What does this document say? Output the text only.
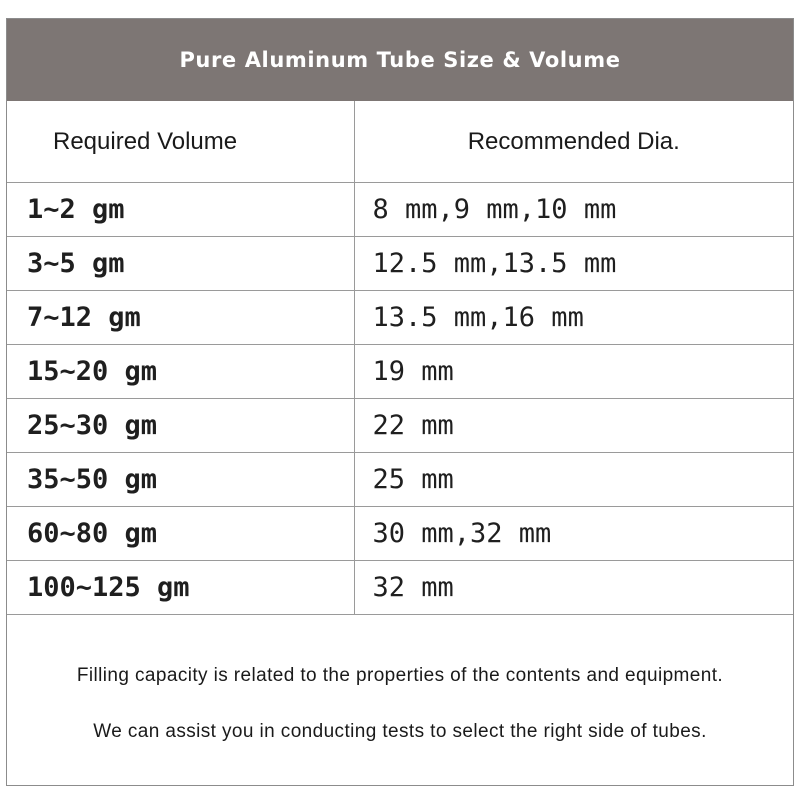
Pure Aluminum Tube Size & Volume
Required Volume	Recommended Dia.
1~2 gm	8 mm,9 mm,10 mm
3~5 gm	12.5 mm,13.5 mm
7~12 gm	13.5 mm,16 mm
15~20 gm	19 mm
25~30 gm	22 mm
35~50 gm	25 mm
60~80 gm	30 mm,32 mm
100~125 gm	32 mm
Filling capacity is related to the properties of the contents and equipment.
We can assist you in conducting tests to select the right side of tubes.
